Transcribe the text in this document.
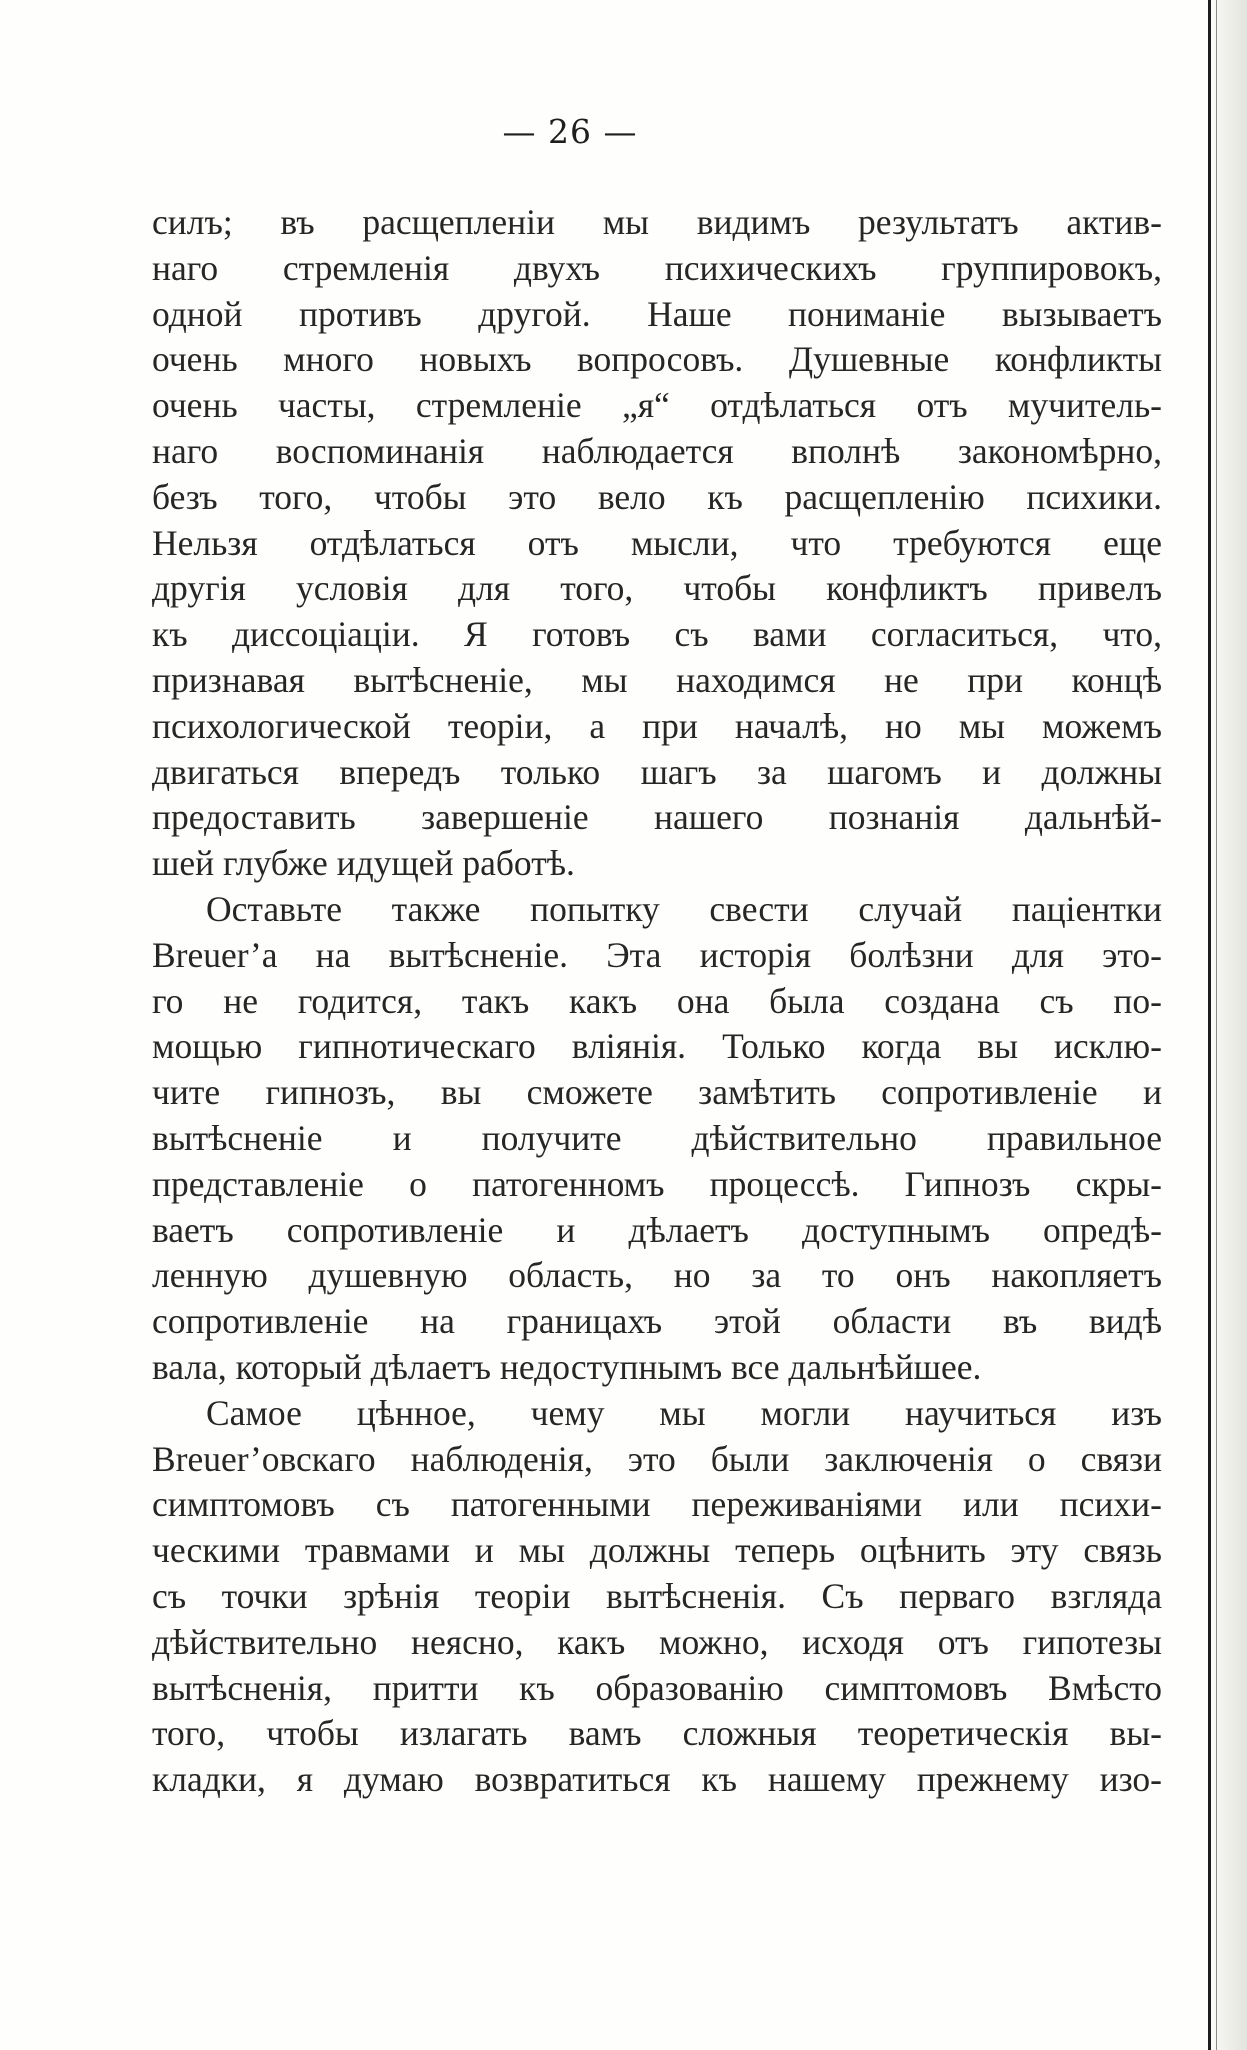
— 26 —
силъ; въ расщепленіи мы видимъ результатъ актив-
наго стремленія двухъ психическихъ группировокъ,
одной противъ другой. Наше пониманіе вызываетъ
очень много новыхъ вопросовъ. Душевные конфликты
очень часты, стремленіе „я“ отдѣлаться отъ мучитель-
наго воспоминанія наблюдается вполнѣ закономѣрно,
безъ того, чтобы это вело къ расщепленію психики.
Нельзя отдѣлаться отъ мысли, что требуются еще
другія условія для того, чтобы конфликтъ привелъ
къ диссоціаціи. Я готовъ съ вами согласиться, что,
признавая вытѣсненіе, мы находимся не при концѣ
психологической теоріи, а при началѣ, но мы можемъ
двигаться впередъ только шагъ за шагомъ и должны
предоставить завершеніе нашего познанія дальнѣй-
шей глубже идущей работѣ.
Оставьте также попытку свести случай паціентки
Breuer’a на вытѣсненіе. Эта исторія болѣзни для это-
го не годится, такъ какъ она была создана съ по-
мощью гипнотическаго вліянія. Только когда вы исклю-
чите гипнозъ, вы сможете замѣтить сопротивленіе и
вытѣсненіе и получите дѣйствительно правильное
представленіе о патогенномъ процессѣ. Гипнозъ скры-
ваетъ сопротивленіе и дѣлаетъ доступнымъ опредѣ-
ленную душевную область, но за то онъ накопляетъ
сопротивленіе на границахъ этой области въ видѣ
вала, который дѣлаетъ недоступнымъ все дальнѣйшее.
Самое цѣнное, чему мы могли научиться изъ
Breuer’овскаго наблюденія, это были заключенія о связи
симптомовъ съ патогенными переживаніями или психи-
ческими травмами и мы должны теперь оцѣнить эту связь
съ точки зрѣнія теоріи вытѣсненія. Съ перваго взгляда
дѣйствительно неясно, какъ можно, исходя отъ гипотезы
вытѣсненія, притти къ образованію симптомовъ Вмѣсто
того, чтобы излагать вамъ сложныя теоретическія вы-
кладки, я думаю возвратиться къ нашему прежнему изо-
